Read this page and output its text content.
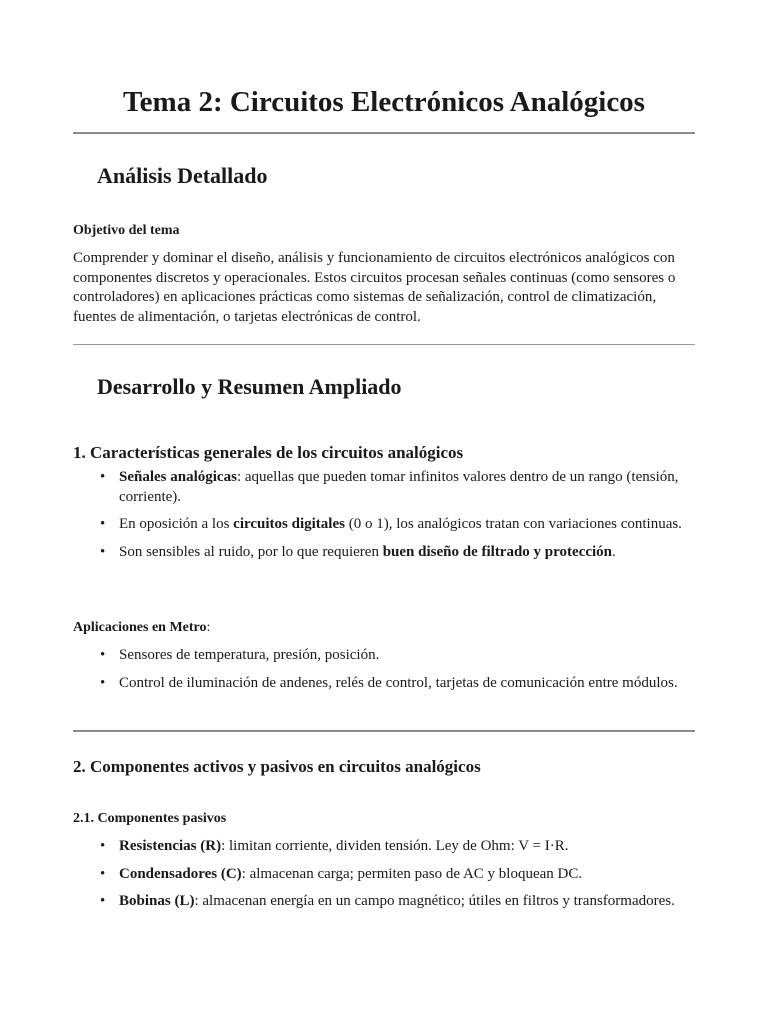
Tema 2: Circuitos Electrónicos Analógicos
Análisis Detallado
Objetivo del tema

Comprender y dominar el diseño, análisis y funcionamiento de circuitos electrónicos analógicos con componentes discretos y operacionales. Estos circuitos procesan señales continuas (como sensores o controladores) en aplicaciones prácticas como sistemas de señalización, control de climatización, fuentes de alimentación, o tarjetas electrónicas de control.

Desarrollo y Resumen Ampliado
1. Características generales de los circuitos analógicos
• Señales analógicas: aquellas que pueden tomar infinitos valores dentro de un rango (tensión, corriente).
• En oposición a los circuitos digitales (0 o 1), los analógicos tratan con variaciones continuas.
• Son sensibles al ruido, por lo que requieren buen diseño de filtrado y protección.
Aplicaciones en Metro:
• Sensores de temperatura, presión, posición.
• Control de iluminación de andenes, relés de control, tarjetas de comunicación entre módulos.
2. Componentes activos y pasivos en circuitos analógicos
2.1. Componentes pasivos
• Resistencias (R): limitan corriente, dividen tensión. Ley de Ohm: V = I·R.
• Condensadores (C): almacenan carga; permiten paso de AC y bloquean DC.
• Bobinas (L): almacenan energía en un campo magnético; útiles en filtros y transformadores.
